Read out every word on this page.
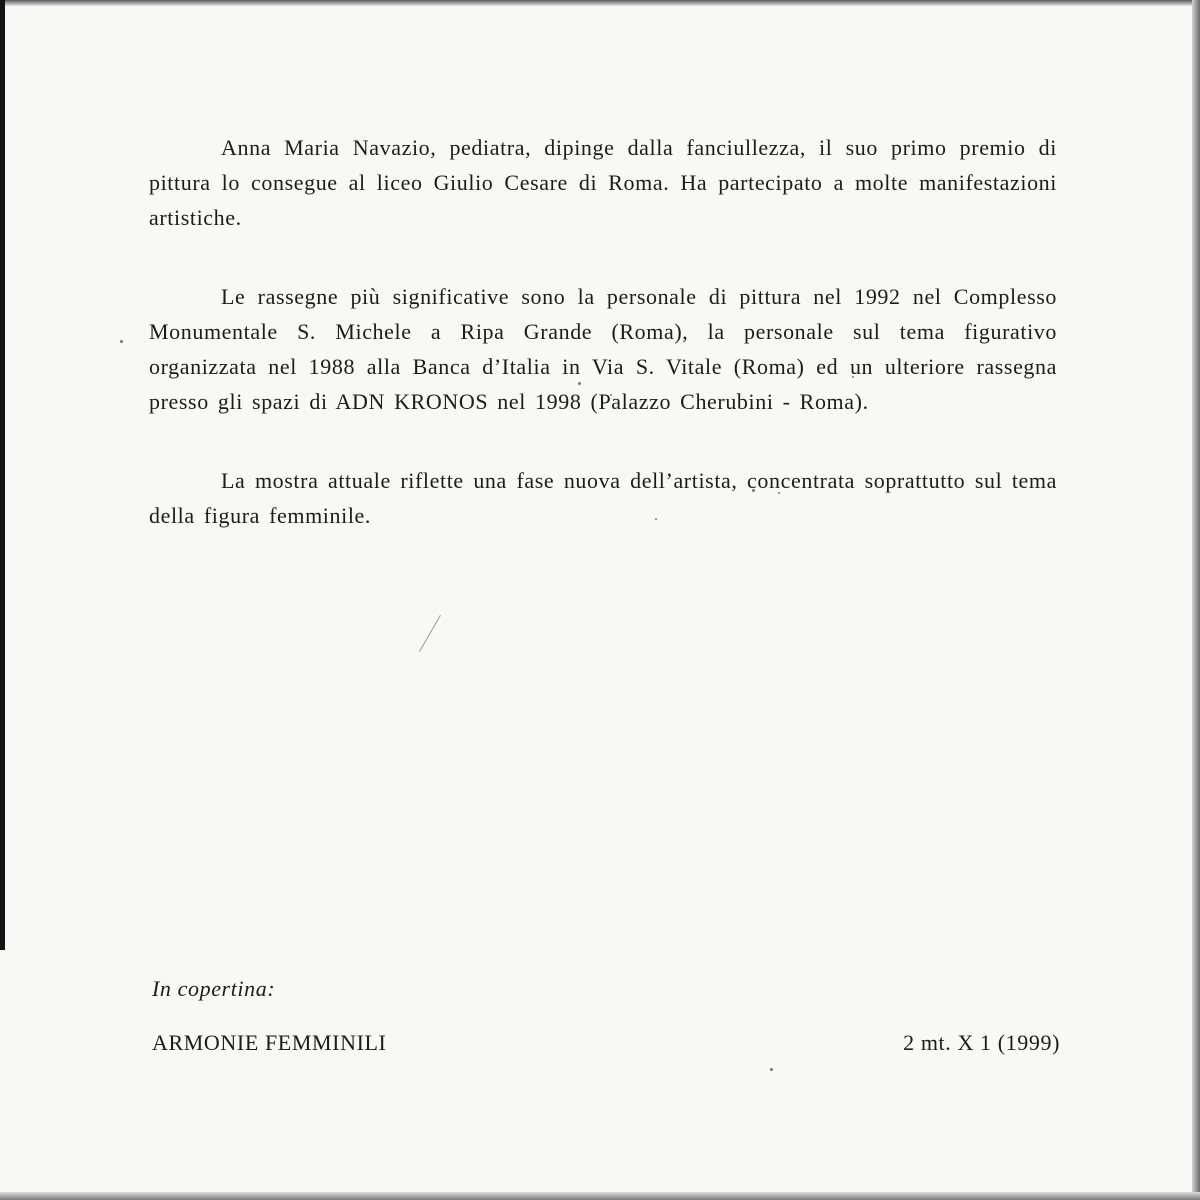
Anna Maria Navazio, pediatra, dipinge dalla fanciullezza, il suo primo premio di pittura lo consegue al liceo Giulio Cesare di Roma. Ha partecipato a molte manifestazioni artistiche.

Le rassegne più significative sono la personale di pittura nel 1992 nel Complesso Monumentale S. Michele a Ripa Grande (Roma), la personale sul tema figurativo organizzata nel 1988 alla Banca d’Italia in Via S. Vitale (Roma) ed un ulteriore rassegna presso gli spazi di ADN KRONOS nel 1998 (Palazzo Cherubini - Roma).

La mostra attuale riflette una fase nuova dell’artista, concentrata soprattutto sul tema della figura femminile.

In copertina:

ARMONIE FEMMINILI	2 mt. X 1 (1999)
